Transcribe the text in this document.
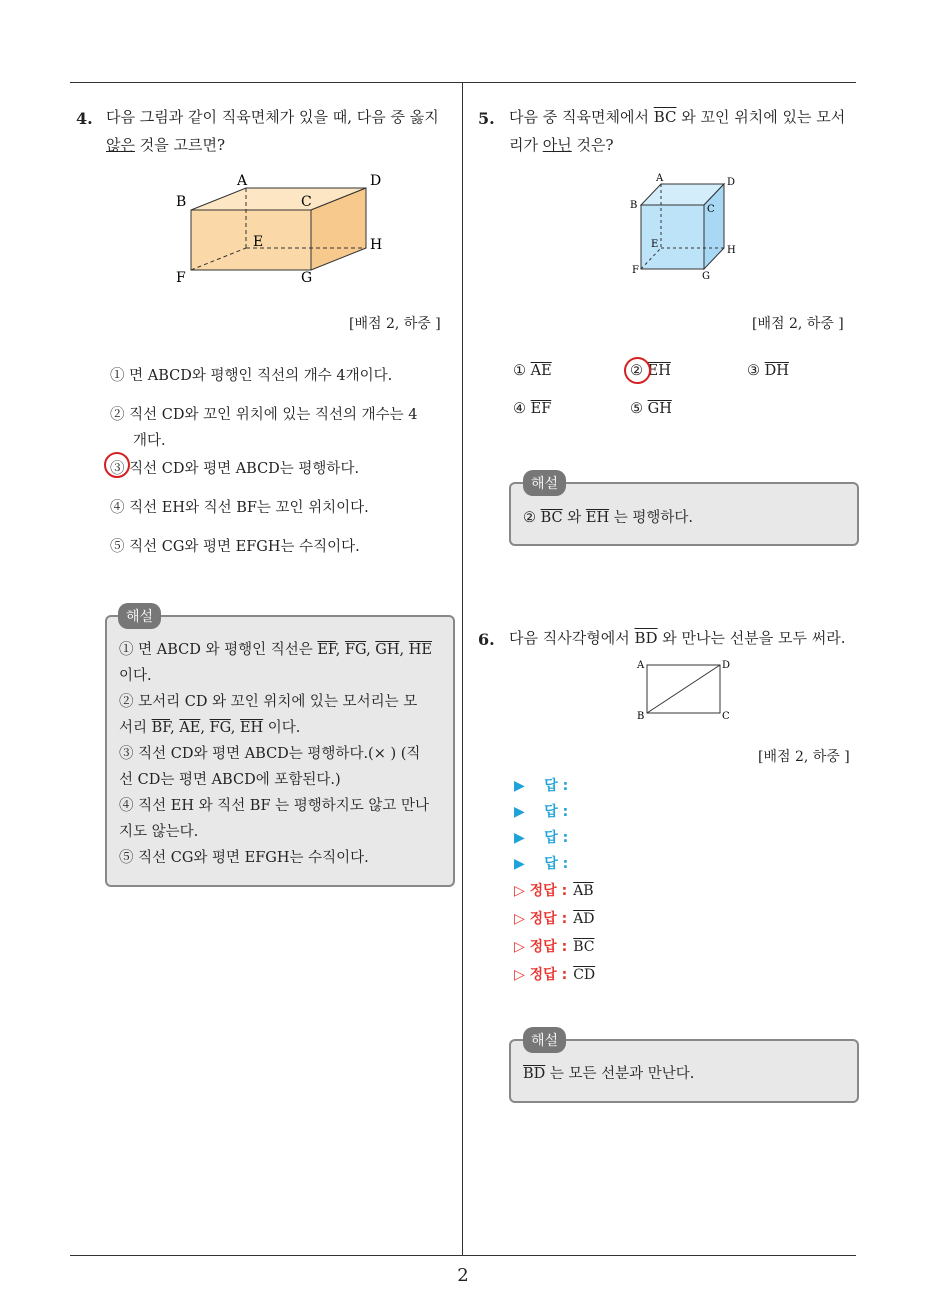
4. 다음 그림과 같이 직육면체가 있을 때, 다음 중 옳지
않은 것을 고르면?
A	D
B	C
E	H
F	G
[배점 2, 하중 ]
① 면 ABCD와 평행인 직선의 개수 4개이다.
② 직선 CD와 꼬인 위치에 있는 직선의 개수는 4
개다.
③ 직선 CD와 평면 ABCD는 평행하다.
④ 직선 EH와 직선 BF는 꼬인 위치이다.
⑤ 직선 CG와 평면 EFGH는 수직이다.
해설
① 면 ABCD 와 평행인 직선은 $\overline{EF}$, $\overline{FG}$, $\overline{GH}$, $\overline{HE}$
이다.
② 모서리 CD 와 꼬인 위치에 있는 모서리는 모
서리 $\overline{BF}$, $\overline{AE}$, $\overline{FG}$, $\overline{EH}$ 이다.
③ 직선 CD와 평면 ABCD는 평행하다.(× ) (직
선 CD는 평면 ABCD에 포함된다.)
④ 직선 EH 와 직선 BF 는 평행하지도 않고 만나
지도 않는다.
⑤ 직선 CG와 평면 EFGH는 수직이다.
5. 다음 중 직육면체에서 $\overline{BC}$ 와 꼬인 위치에 있는 모서
리가 아닌 것은?
A	D
B	C
E
H
F
G
[배점 2, 하중 ]
① $\overline{AE}$	② $\overline{EH}$	③ $\overline{DH}$
④ $\overline{EF}$	⑤ $\overline{GH}$
해설
② $\overline{BC}$ 와 $\overline{EH}$ 는 평행하다.
6. 다음 직사각형에서 $\overline{BD}$ 와 만나는 선분을 모두 써라.
A	D
B	C
[배점 2, 하중 ]
▶ 답 :
▶ 답 :
▶ 답 :
▶ 답 :
▷ 정답 : $\overline{AB}$
▷ 정답 : $\overline{AD}$
▷ 정답 : $\overline{BC}$
▷ 정답 : $\overline{CD}$
해설
$\overline{BD}$ 는 모든 선분과 만난다.
2
